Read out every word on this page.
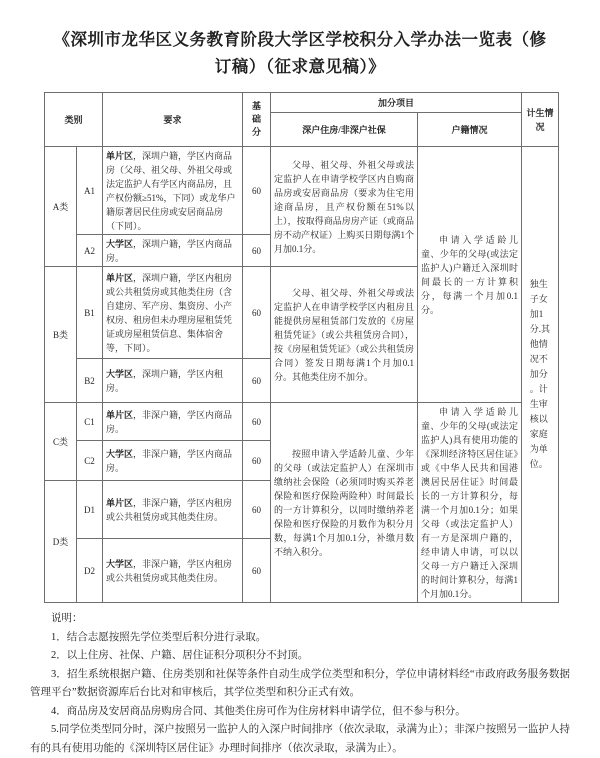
《深圳市龙华区义务教育阶段大学区学校积分入学办法一览表（修订稿）（征求意见稿）》
类别		要求	基础分	加分项目		计生情况
				深户住房/非深户社保	户籍情况	
A类	A1	单片区，深圳户籍，学区内商品房（父母、祖父母、外祖父母或法定监护人有学区内商品房，且产权份额≥51%，下同）或龙华户籍原著居民住房或安居商品房（下同）。	60	父母、祖父母、外祖父母或法定监护人在申请学校学区内自购商品房或安居商品房（要求为住宅用途商品房，且产权份额在51%以上），按取得商品房房产证（或商品房不动产权证）上购买日期每满1个月加0.1分。	申请入学适龄儿童、少年的父母(或法定监护人)户籍迁入深圳时间最长的一方计算积分，每满一个月加0.1分。	独生子女加1分.其他情况不加分。计生审核以家庭为单位。

	A2	大学区，深圳户籍，学区内商品房。	60			
B类	B1	单片区，深圳户籍，学区内租房或公共租赁房或其他类住房（含自建房、军产房、集资房、小产权房、租房但未办理房屋租赁凭证或房屋租赁信息、集体宿舍等，下同）。	60	父母、祖父母、外祖父母或法定监护人在申请学校学区内租房且能提供房屋租赁部门发放的《房屋租赁凭证》（或公共租赁房合同），按《房屋租赁凭证》（或公共租赁房合同）签发日期每满1个月加0.1分。其他类住房不加分。		

	B2	大学区，深圳户籍，学区内租房。	60			
C类	C1	单片区，非深户籍，学区内商品房。	60	按照申请入学适龄儿童、少年的父母（或法定监护人）在深圳市缴纳社会保险（必须同时购买养老保险和医疗保险两险种）时间最长的一方计算积分，以同时缴纳养老保险和医疗保险的月数作为积分月数，每满1个月加0.1分，补缴月数不纳入积分。	申请入学适龄儿童、少年的父母(或法定监护人)具有使用功能的《深圳经济特区居住证》或《中华人民共和国港澳居民居住证》时间最长的一方计算积分，每满一个月加0.1分；如果父母（或法定监护人）有一方是深圳户籍的，经申请人申请，可以以父母一方户籍迁入深圳的时间计算积分，每满1个月加0.1分。	

	C2	大学区，非深户籍，学区内商品房。	60			
D类	D1	单片区，非深户籍，学区内租房或公共租赁房或其他类住房。	60			
	D2	大学区，非深户籍，学区内租房或公共租赁房或其他类住房。	60			

说明：

1．结合志愿按照先学位类型后积分进行录取。

2．以上住房、社保、户籍、居住证积分项积分不封顶。

3．招生系统根据户籍、住房类别和社保等条件自动生成学位类型和积分，学位申请材料经“市政府政务服务数据管理平台”数据资源库后台比对和审核后，其学位类型和积分正式有效。

4．商品房及安居商品房购房合同、其他类住房可作为住房材料申请学位，但不参与积分。

5.同学位类型同分时，深户按照另一监护人的入深户时间排序（依次录取，录满为止）；非深户按照另一监护人持有的具有使用功能的《深圳特区居住证》办理时间排序（依次录取，录满为止）。
